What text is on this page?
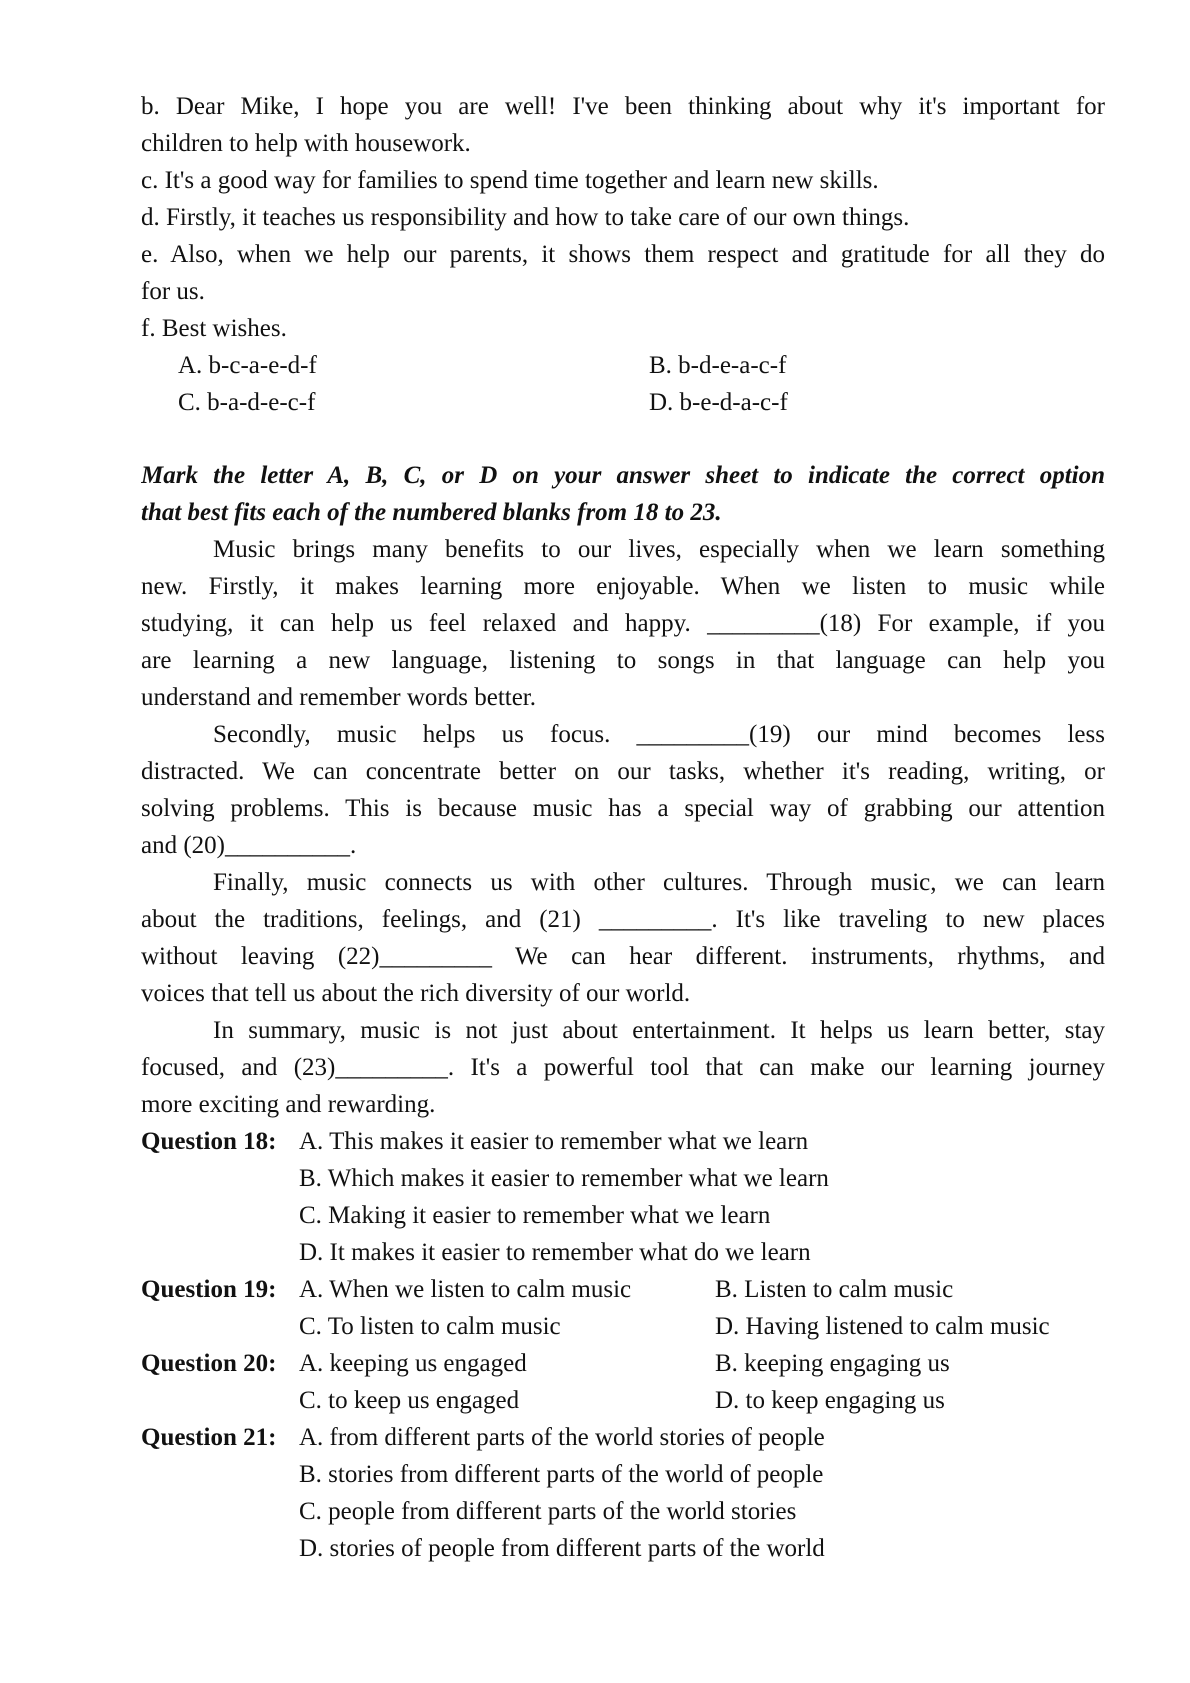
b. Dear Mike, I hope you are well! I've been thinking about why it's important for
children to help with housework.
c. It's a good way for families to spend time together and learn new skills.
d. Firstly, it teaches us responsibility and how to take care of our own things.
e. Also, when we help our parents, it shows them respect and gratitude for all they do
for us.
f. Best wishes.
A. b-c-a-e-d-f	B. b-d-e-a-c-f
C. b-a-d-e-c-f	D. b-e-d-a-c-f
Mark the letter A, B, C, or D on your answer sheet to indicate the correct option
that best fits each of the numbered blanks from 18 to 23.
Music brings many benefits to our lives, especially when we learn something
new. Firstly, it makes learning more enjoyable. When we listen to music while
studying, it can help us feel relaxed and happy. _________(18) For example, if you
are learning a new language, listening to songs in that language can help you
understand and remember words better.
Secondly, music helps us focus. _________(19) our mind becomes less
distracted. We can concentrate better on our tasks, whether it's reading, writing, or
solving problems. This is because music has a special way of grabbing our attention
and (20)__________.
Finally, music connects us with other cultures. Through music, we can learn
about the traditions, feelings, and (21) _________. It's like traveling to new places
without leaving (22)_________ We can hear different. instruments, rhythms, and
voices that tell us about the rich diversity of our world.
In summary, music is not just about entertainment. It helps us learn better, stay
focused, and (23)_________. It's a powerful tool that can make our learning journey
more exciting and rewarding.
Question 18: A. This makes it easier to remember what we learn
B. Which makes it easier to remember what we learn
C. Making it easier to remember what we learn
D. It makes it easier to remember what do we learn
Question 19: A. When we listen to calm music	B. Listen to calm music
C. To listen to calm music	D. Having listened to calm music
Question 20: A. keeping us engaged	B. keeping engaging us
C. to keep us engaged	D. to keep engaging us
Question 21: A. from different parts of the world stories of people
B. stories from different parts of the world of people
C. people from different parts of the world stories
D. stories of people from different parts of the world
